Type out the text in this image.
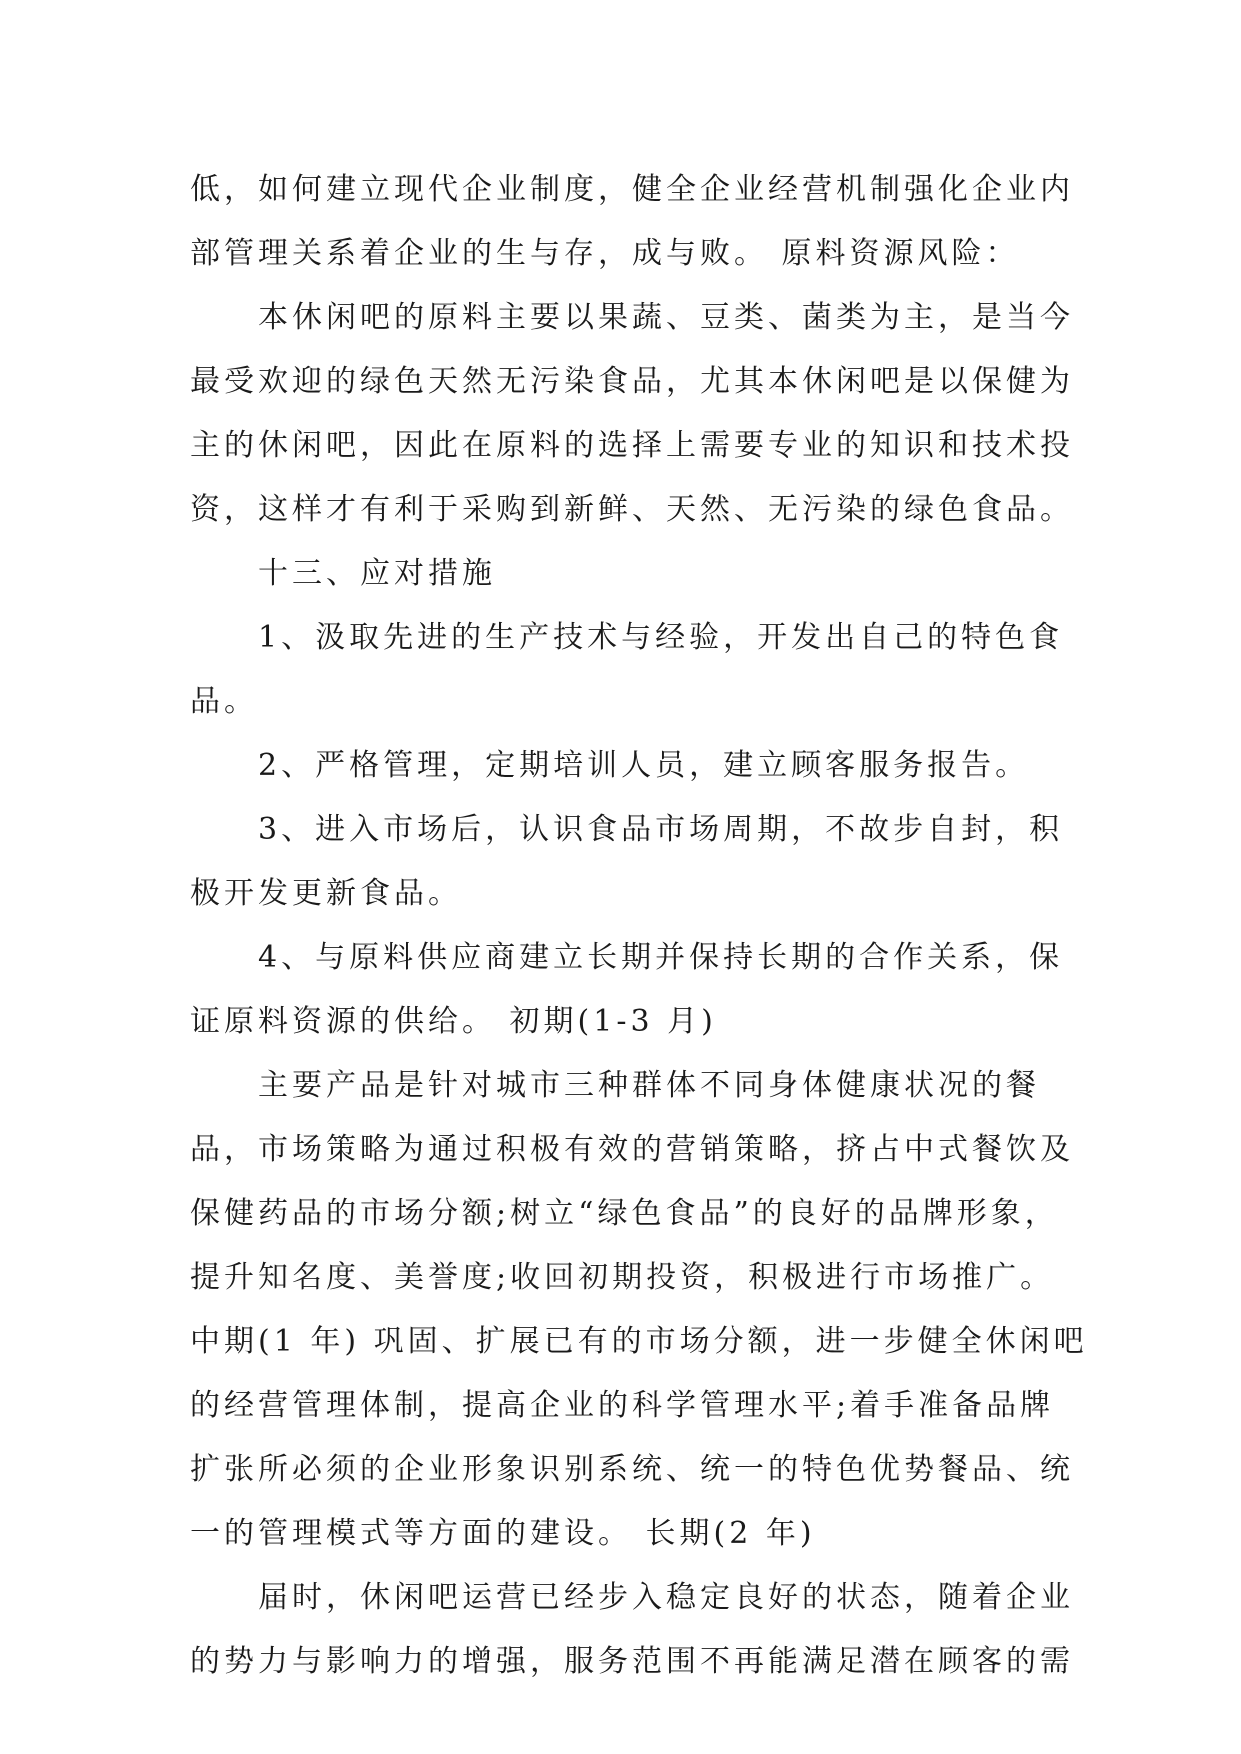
低，如何建立现代企业制度，健全企业经营机制强化企业内
部管理关系着企业的生与存，成与败。 原料资源风险：
　　本休闲吧的原料主要以果蔬、豆类、菌类为主，是当今
最受欢迎的绿色天然无污染食品，尤其本休闲吧是以保健为
主的休闲吧，因此在原料的选择上需要专业的知识和技术投
资，这样才有利于采购到新鲜、天然、无污染的绿色食品。
　　十三、应对措施
　　1、汲取先进的生产技术与经验，开发出自己的特色食
品。
　　2、严格管理，定期培训人员，建立顾客服务报告。
　　3、进入市场后，认识食品市场周期，不故步自封，积
极开发更新食品。
　　4、与原料供应商建立长期并保持长期的合作关系，保
证原料资源的供给。 初期(1-3 月)
　　主要产品是针对城市三种群体不同身体健康状况的餐
品，市场策略为通过积极有效的营销策略，挤占中式餐饮及
保健药品的市场分额;树立“绿色食品”的良好的品牌形象，
提升知名度、美誉度;收回初期投资，积极进行市场推广。
中期(1 年) 巩固、扩展已有的市场分额，进一步健全休闲吧
的经营管理体制，提高企业的科学管理水平;着手准备品牌
扩张所必须的企业形象识别系统、统一的特色优势餐品、统
一的管理模式等方面的建设。 长期(2 年)
　　届时，休闲吧运营已经步入稳定良好的状态，随着企业
的势力与影响力的增强，服务范围不再能满足潜在顾客的需
